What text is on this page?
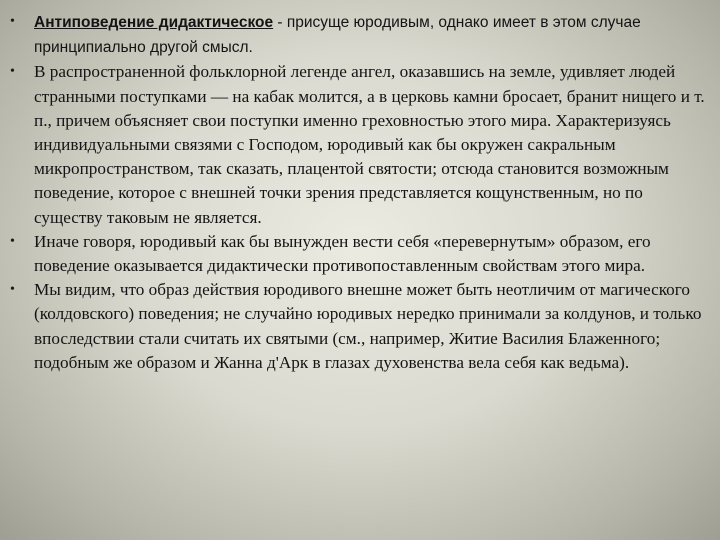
• Антиповедение дидактическое - присуще юродивым, однако имеет в этом случае принципиально другой смысл.
• В распространенной фольклорной легенде ангел, оказавшись на земле, удивляет людей странными поступками — на кабак молится, а в церковь камни бросает, бранит нищего и т. п., причем объясняет свои поступки именно греховностью этого мира. Характеризуясь индивидуальными связями с Господом, юродивый как бы окружен сакральным микропространством, так сказать, плацентой святости; отсюда становится возможным поведение, которое с внешней точки зрения представляется кощунственным, но по существу таковым не является.
• Иначе говоря, юродивый как бы вынужден вести себя «перевернутым» образом, его поведение оказывается дидактически противопоставленным свойствам этого мира.
• Мы видим, что образ действия юродивого внешне может быть неотличим от магического (колдовского) поведения; не случайно юродивых нередко принимали за колдунов, и только впоследствии стали считать их святыми (см., например, Житие Василия Блаженного; подобным же образом и Жанна д'Арк в глазах духовенства вела себя как ведьма).
